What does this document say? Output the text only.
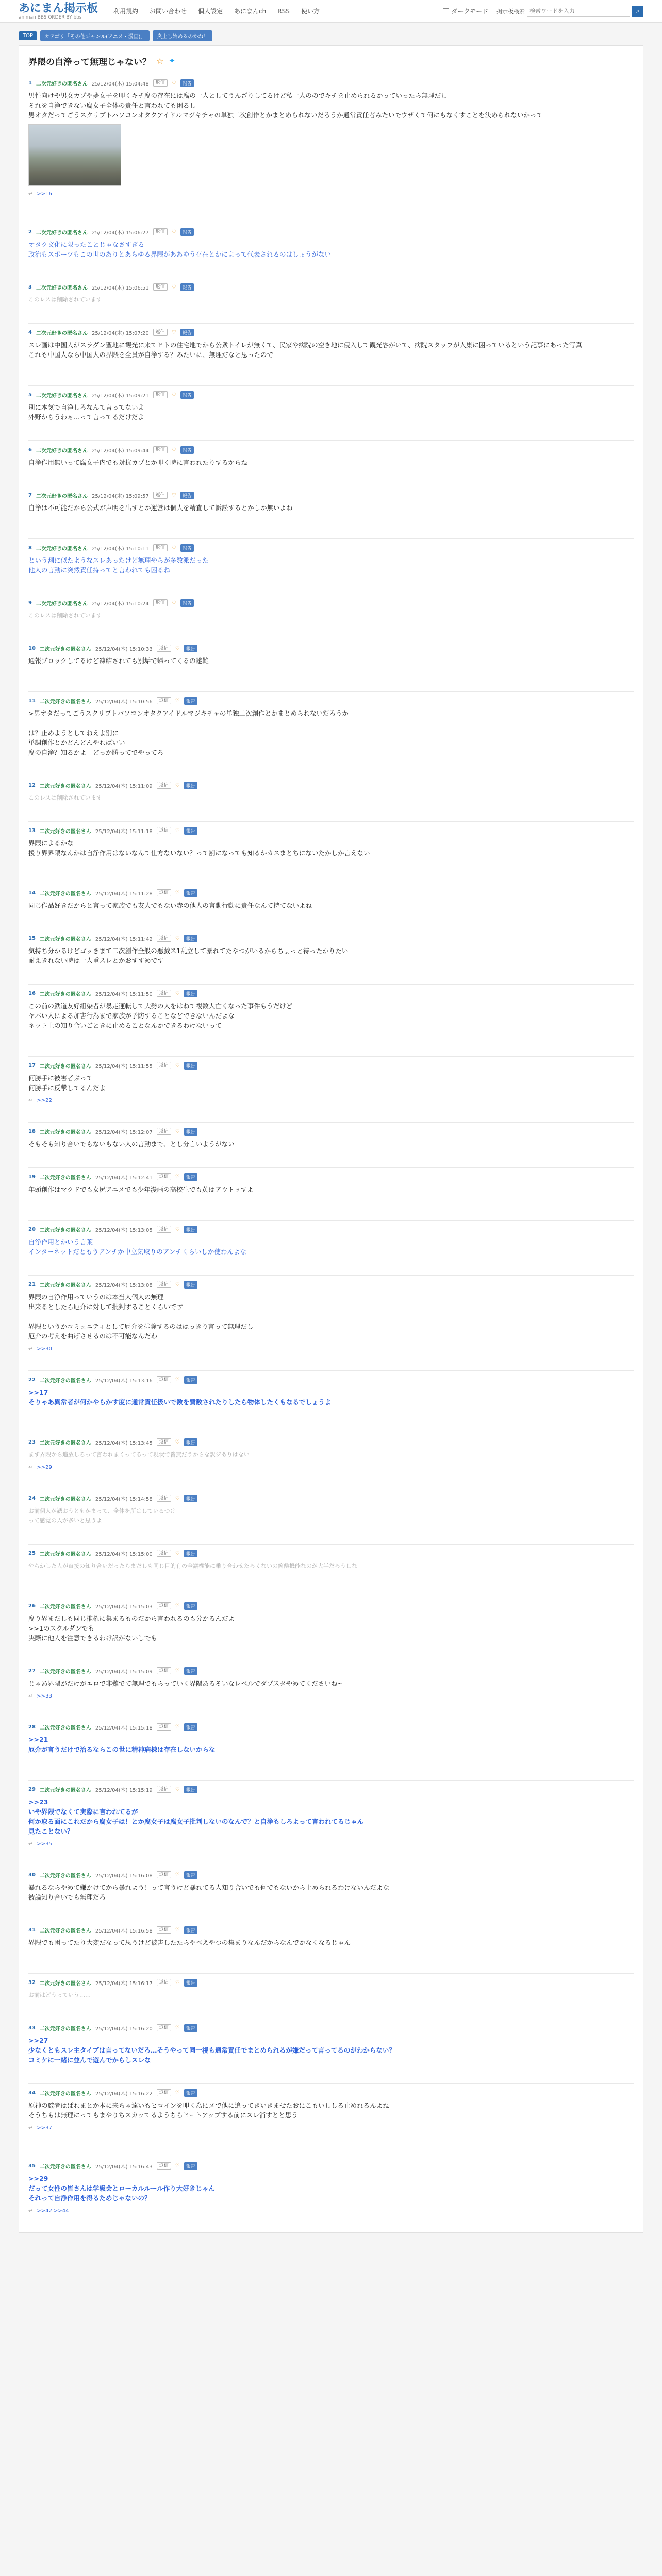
あにまん掲示板
animan BBS ORDER BY bbs
利用規約 お問い合わせ 個人設定 あにまんch RSS 使い方	ダークモード 掲示板検索
検索ワードを入力	⌕
TOP	カテゴリ「その他ジャンル(アニメ・漫画)」	炎上し始めるのかね！
界隈の自浄って無理じゃない？ ☆ ✦
1 二次元好きの匿名さん 25/12/04(木) 15:04:48	返信	♡	報告
男性向けや男女カプや夢女子を叩くキチ腐の存在には腐の一人としてうんざりしてるけど私一人ののでキチを止められるかっていったら無理だし
それを自浄できない腐女子全体の責任と言われても困るし
男オタだってごうスクリプトパソコンオタクアイドルマジキチャの単独二次創作とかまとめられないだろうか通常責任者みたいでウザくて何にもなくすことを決められないかって
↩ >>16
2 二次元好きの匿名さん 25/12/04(木) 15:06:27	返信	♡	報告
オタク文化に限ったことじゃなさすぎる
政治もスポーツもこの世のありとあらゆる界隈がああゆう存在とかによって代表されるのはしょうがない
3 二次元好きの匿名さん 25/12/04(木) 15:06:51	返信	♡	報告
このレスは削除されています
4 二次元好きの匿名さん 25/12/04(木) 15:07:20	返信	♡	報告
スレ画は中国人がスラダン聖地に観光に来てヒトの住宅地でから公衆トイレが無くて、民家や病院の空き地に侵入して観光客がいて、病院スタッフが人集に困っているという記事にあった写真
これも中国人なら中国人の界隈を全員が自浄する？みたいに、無理だなと思ったので
5 二次元好きの匿名さん 25/12/04(木) 15:09:21	返信	♡	報告
別に本気で自浄しろなんて言ってないよ
外野からうわぁ…って言ってるだけだよ
6 二次元好きの匿名さん 25/12/04(木) 15:09:44	返信	♡	報告
自浄作用無いって腐女子内でも対抗カプとか叩く時に言われたりするからね
7 二次元好きの匿名さん 25/12/04(木) 15:09:57	返信	♡	報告
自浄は不可能だから公式が声明を出すとか運営は個人を精査して訴訟するとかしか無いよね
8 二次元好きの匿名さん 25/12/04(木) 15:10:11	返信	♡	報告
という割に似たようなスレあったけど無理やらが多数派だった
他人の言動に突然責任持ってと言われても困るね
9 二次元好きの匿名さん 25/12/04(木) 15:10:24	返信	♡	報告
このレスは削除されています
10 二次元好きの匿名さん 25/12/04(木) 15:10:33	返信	♡	報告
通報ブロックしてるけど凍結されても別垢で帰ってくるの避難
11 二次元好きの匿名さん 25/12/04(木) 15:10:56	返信	♡	報告
>男オタだってごうスクリプトパソコンオタクアイドルマジキチャの単独二次創作とかまとめられないだろうか

は？止めようとしてねえよ別に
単調創作とかどんどんやればいい
腐の自浄？知るかよ　どっか勝ってでやってろ
12 二次元好きの匿名さん 25/12/04(木) 15:11:09	返信	♡	報告
このレスは削除されています
13 二次元好きの匿名さん 25/12/04(木) 15:11:18	返信	♡	報告
界隈によるかな
援り界界隈なんかは自浄作用はないなんて仕方ないない？って割になっても知るかカスまとちにないたかしか言えない
14 二次元好きの匿名さん 25/12/04(木) 15:11:28	返信	♡	報告
同じ作品好きだからと言って家族でも友人でもない赤の他人の言動行動に責任なんて持てないよね
15 二次元好きの匿名さん 25/12/04(木) 15:11:42	返信	♡	報告
気持ち分かるけどゴッきまて二次創作全般の悪戯ス1乱立して暴れてたやつがいるからちょっと待ったかりたい
耐えきれない時は一人重スレとかおすすめです
16 二次元好きの匿名さん 25/12/04(木) 15:11:50	返信	♡	報告
この前の鉄道友好組染者が暴走運転して大勢の人をはねて複数人亡くなった事件もうだけど
ヤバい人による加害行為まで家族が予防することなどできないんだよな
ネット上の知り合いごときに止めることなんかできるわけないって
17 二次元好きの匿名さん 25/12/04(木) 15:11:55	返信	♡	報告
何勝手に被害者ぶって
何勝手に反撃してるんだよ
↩ >>22
18 二次元好きの匿名さん 25/12/04(木) 15:12:07	返信	♡	報告
そもそも知り合いでもないもない人の言動まで、とし分言いようがない
19 二次元好きの匿名さん 25/12/04(木) 15:12:41	返信	♡	報告
年頭創作はマクドでも女尻アニメでも少年漫画の高校生でも黄はアウトッすよ
20 二次元好きの匿名さん 25/12/04(木) 15:13:05	返信	♡	報告
自浄作用とかいう言葉
インターネットだともうアンチか中立気取りのアンチくらいしか使わんよな
21 二次元好きの匿名さん 25/12/04(木) 15:13:08	返信	♡	報告
界隈の自浄作用っていうのは本当人個人の無理
出来るとしたら厄介に対して批判することくらいです

界隈というかコミュニティとして厄介を排除するのははっきり言って無理だし
厄介の考えを曲げさせるのは不可能なんだわ
↩ >>30
22 二次元好きの匿名さん 25/12/04(木) 15:13:16	返信	♡	報告
>>17
そりゃあ異常者が何かやらかす度に通常責任扱いで数を費数されたりしたら物体したくもなるでしょうよ
23 二次元好きの匿名さん 25/12/04(木) 15:13:45	返信	♡	報告
まず界隈から追放しろって言われまくってるって現状で皆無だうからな訳ジありはない
↩ >>29
24 二次元好きの匿名さん 25/12/04(木) 15:14:58	返信	♡	報告
お前個人が誘おうともかまって、全体を所はしているつけ
って感覚の人が多いと思うよ
25 二次元好きの匿名さん 25/12/04(木) 15:15:00	返信	♡	報告
やらかした人が直接の知り合いだったらまだしも同じ目的有の全議機能に乗り合わせたろくないの箇離機能なのが大半だろうしな
26 二次元好きの匿名さん 25/12/04(木) 15:15:03	返信	♡	報告
腐り界まだしも同じ推権に集まるものだから言われるのも分かるんだよ
>>1のスクルダンでも
実際に他人を注意できるわけ訳がないしでも
27 二次元好きの匿名さん 25/12/04(木) 15:15:09	返信	♡	報告
じゃあ界隈がだけがエロで非難でて無理でもらっていく界隈あるそいなレベルでダブスタやめてくださいね~
↩ >>33
28 二次元好きの匿名さん 25/12/04(木) 15:15:18	返信	♡	報告
>>21
厄介が言うだけで治るならこの世に精神病棟は存在しないからな
29 二次元好きの匿名さん 25/12/04(木) 15:15:19	返信	♡	報告
>>23
いや界隈でなくて実際に言われてるが
何か取る面にこれだから腐女子は！とか腐女子は腐女子批判しないのなんで？と自浄もしろよって言われてるじゃん
見たことない？
↩ >>35
30 二次元好きの匿名さん 25/12/04(木) 15:16:08	返信	♡	報告
暴れるならやめて嫌かけてから暴れよう！って言うけど暴れてる人知り合いでも何でもないから止められるわけないんだよな
被論知り合いでも無理だろ
31 二次元好きの匿名さん 25/12/04(木) 15:16:58	返信	♡	報告
界隈でも困ってたり大変だなって思うけど被害したたらやべえやつの集まりなんだからなんでかなくなるじゃん
32 二次元好きの匿名さん 25/12/04(木) 15:16:17	返信	♡	報告
お前はどうっていう……
33 二次元好きの匿名さん 25/12/04(木) 15:16:20	返信	♡	報告
>>27
少なくともスレ主タイプは言ってないだろ…そうやって同一視も通常責任でまとめられるが嫌だって言ってるのがわからない？
コミケに一緒に並んで遊んでからしスレな
34 二次元好きの匿名さん 25/12/04(木) 15:16:22	返信	♡	報告
原神の厳者はぱれまとか本に来ちゃ達いもヒロインを叩く為にメで他に追ってきいきませたおにこもいししる止めれるんよね
そうちもは無理にってもまやりちスカッてるようちらヒートアップする前にスレ消すとと思う
↩ >>37
35 二次元好きの匿名さん 25/12/04(木) 15:16:43	返信	♡	報告
>>29
だって女性の皆さんは学級会とローカルルール作り大好きじゃん
それって自浄作用を得るためじゃないの？
↩ >>42 >>44
